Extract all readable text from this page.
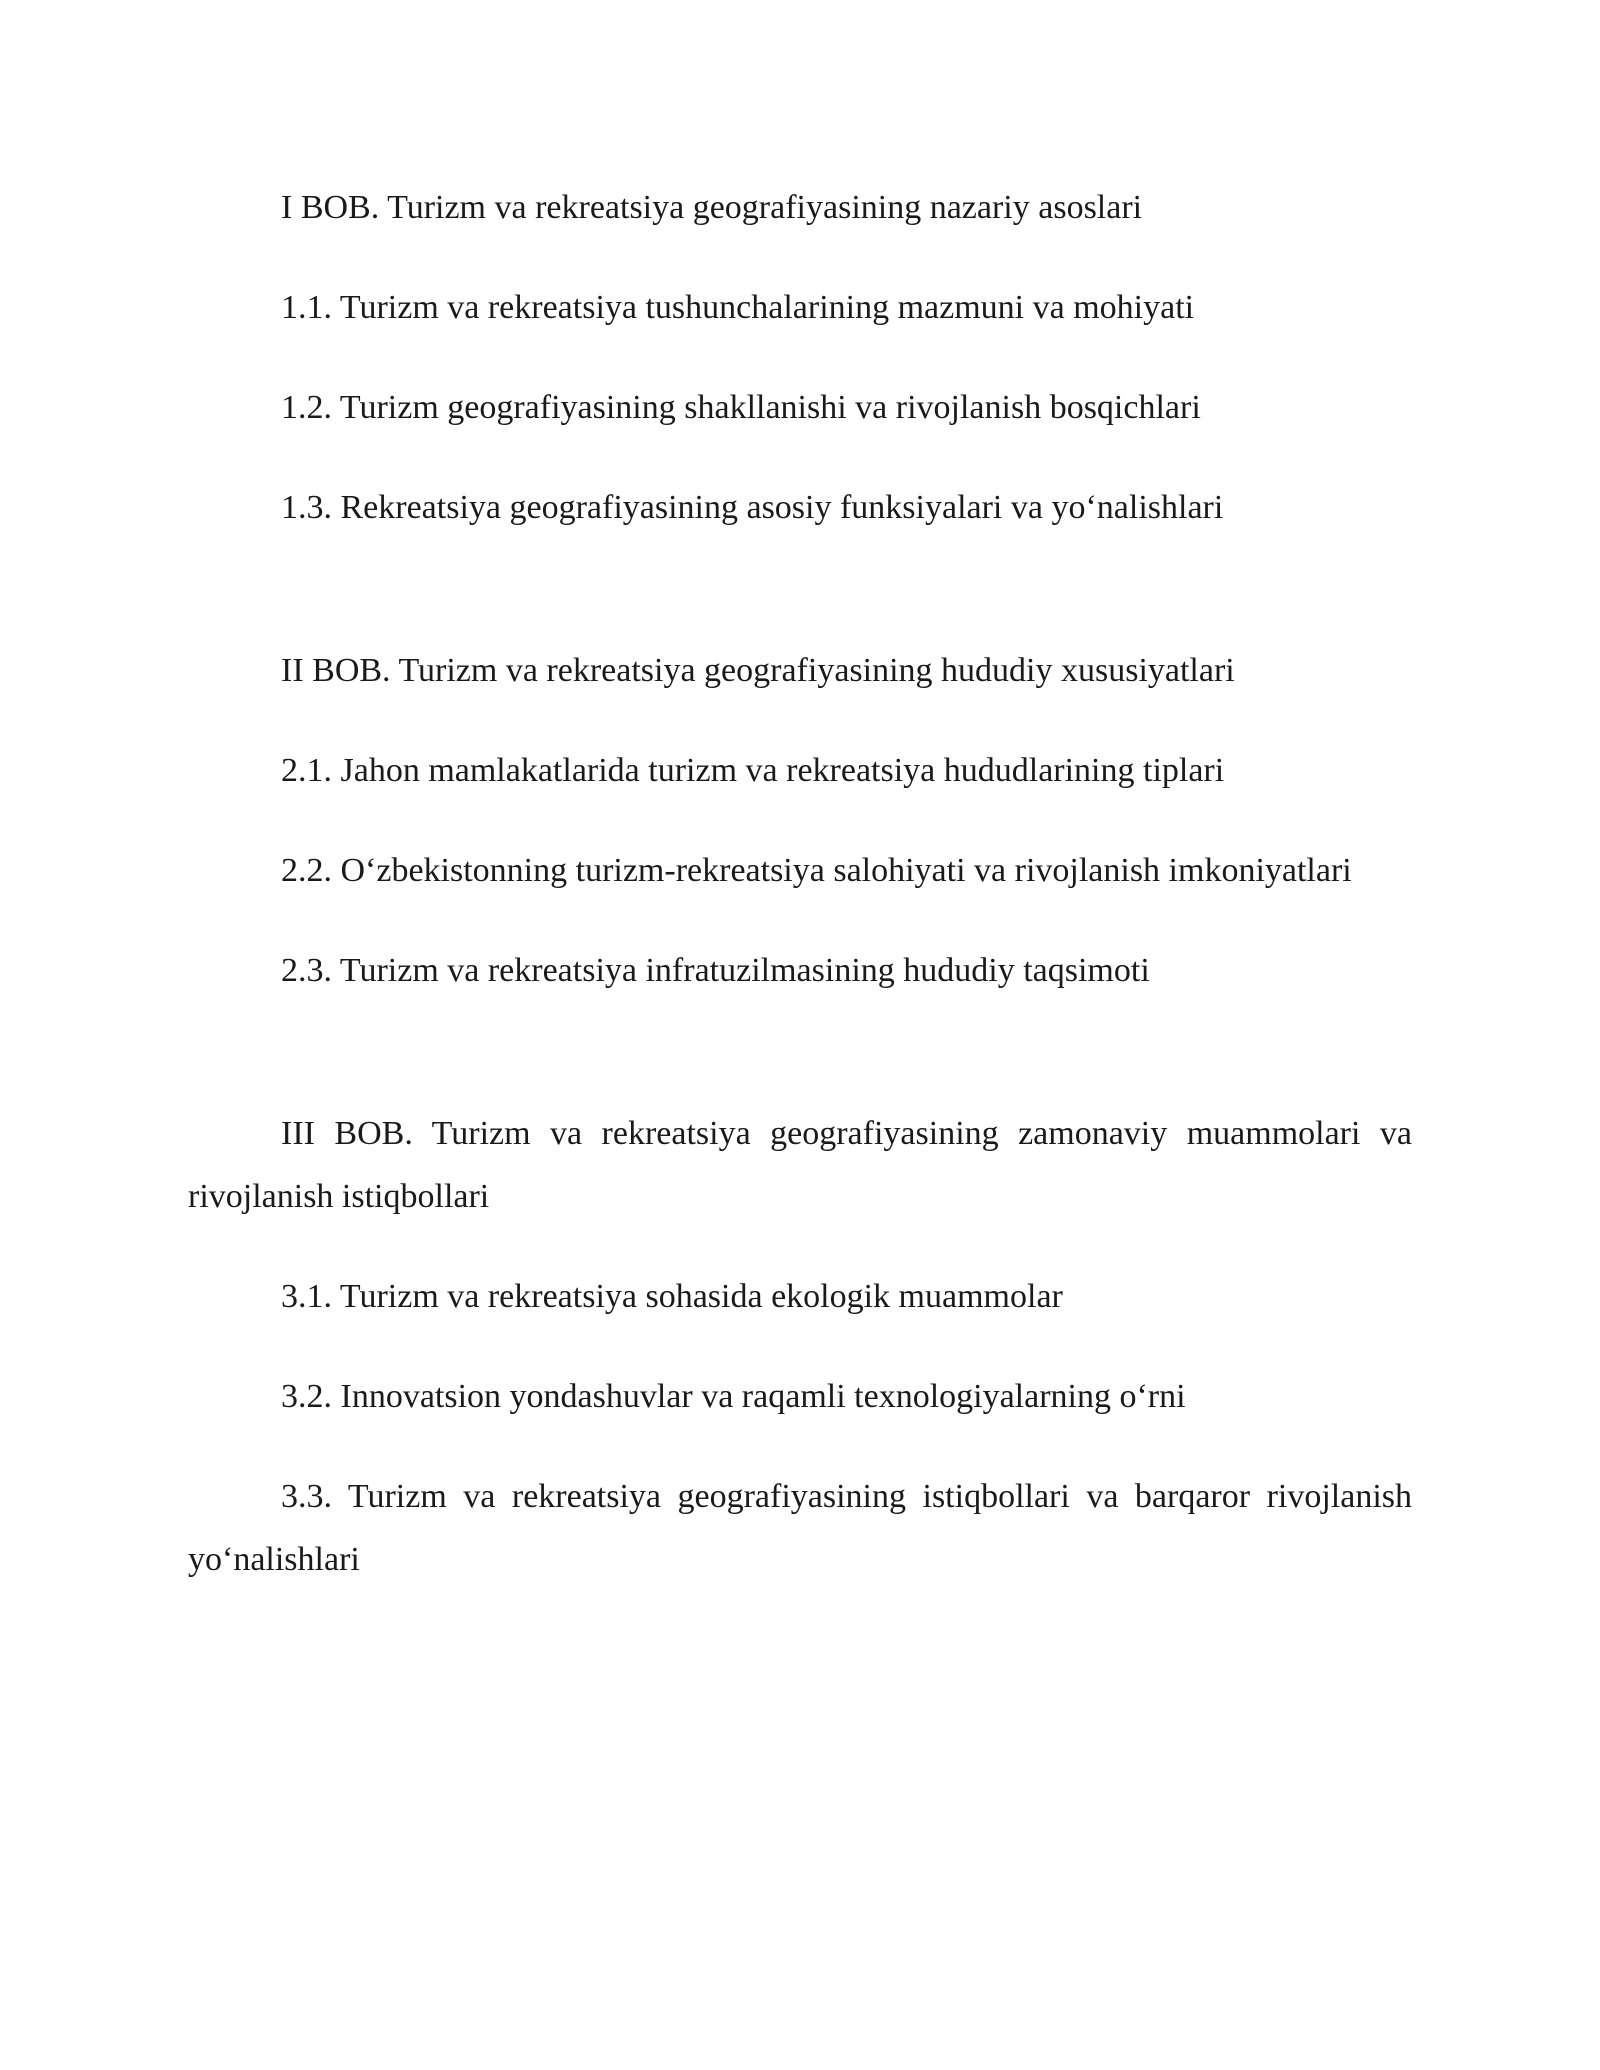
I BOB. Turizm va rekreatsiya geografiyasining nazariy asoslari

1.1. Turizm va rekreatsiya tushunchalarining mazmuni va mohiyati

1.2. Turizm geografiyasining shakllanishi va rivojlanish bosqichlari

1.3. Rekreatsiya geografiyasining asosiy funksiyalari va yo‘nalishlari

II BOB. Turizm va rekreatsiya geografiyasining hududiy xususiyatlari

2.1. Jahon mamlakatlarida turizm va rekreatsiya hududlarining tiplari

2.2. O‘zbekistonning turizm-rekreatsiya salohiyati va rivojlanish imkoniyatlari

2.3. Turizm va rekreatsiya infratuzilmasining hududiy taqsimoti

III BOB. Turizm va rekreatsiya geografiyasining zamonaviy muammolari va rivojlanish istiqbollari

3.1. Turizm va rekreatsiya sohasida ekologik muammolar

3.2. Innovatsion yondashuvlar va raqamli texnologiyalarning o‘rni

3.3. Turizm va rekreatsiya geografiyasining istiqbollari va barqaror rivojlanish yo‘nalishlari
